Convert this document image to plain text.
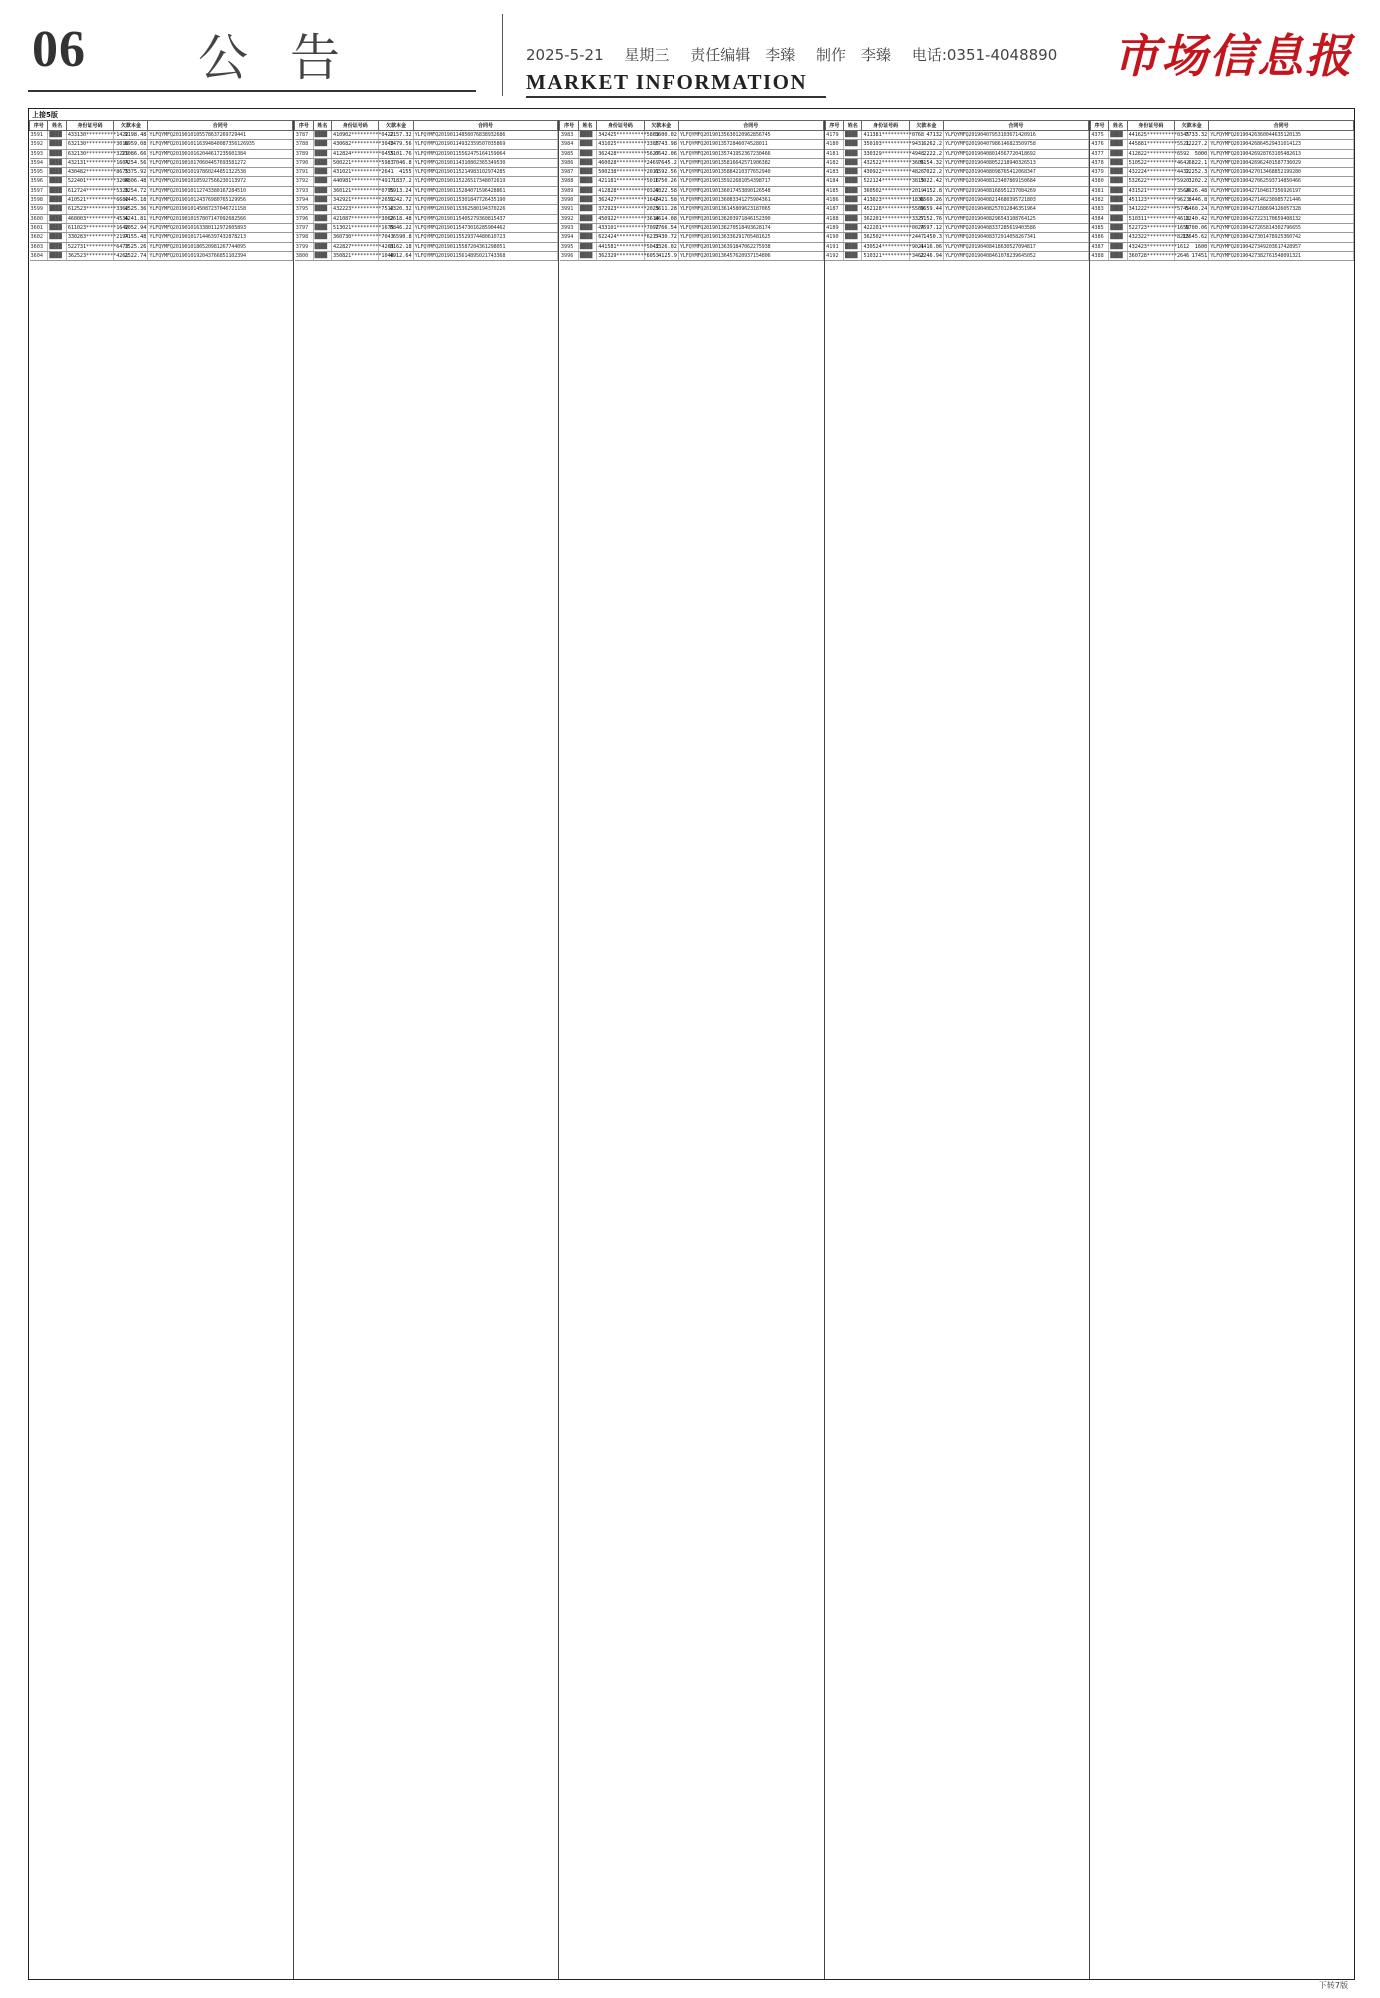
06 公告	2025-5-21 星期三 责任编辑　李臻 制作　李臻 电话:0351-4048890
MARKET INFORMATION	市场信息报
上接5版
序号	姓名	身份证号码	欠款本金	合同号
3591	████	433130**********1422	9198.48	YLFQYMFQ2019010105578637269729441
3592	████	632130**********3018	6959.08	YLFQYMFQ2019010116394840087356126935
3593	████	632130**********3225	11086.66	YLFQYMFQ2019010162044617235601384
3594	████	432131**********1604	7254.56	YLFQYMFQ2019010170604457693581272
3595	████	430482**********8675	3375.92	YLFQYMFQ2019010197860244851322538
3596	████	522401**********3204	8806.48	YLFQYMFQ2019010105927566230113972
3597	████	612724**********5320	3254.72	YLFQYMFQ2019010112743380167284510
3598	████	410521**********6682	4445.18	YLFQYMFQ2019010124376980765129956
3599	████	612523**********3362	4525.36	YLFQYMFQ2019010145087237046721158
3600	████	460003**********4536	4241.81	YLFQYMFQ2019010157807147092682566
3601	████	611023**********1642	9052.94	YLFQYMFQ2019010163380112972605893
3602	████	330283**********2194	7155.48	YLFQYMFQ2019010171446397432878213
3603	████	522731**********6473	7525.26	YLFQYMFQ2019010186520981267744095
3604	████	362523**********4261	2522.74	YLFQYMFQ2019010192043766851102394
序号	姓名	身份证号码	欠款本金	合同号
3787	████	410902**********0422	2157.32	YLFQYMFQ20190114856076838932686
3788	████	430682**********3042	3479.56	YLFQYMFQ20190114932359507035869
3789	████	412824**********0455	3101.76	YLFQYMFQ20190115562475164159064
3790	████	500221**********5983	7046.8	YLFQYMFQ20190114310802365349530
3791	████	431021**********2641	4155	YLFQYMFQ20190115214983102974285
3792	████	440981**********4917	1837.2	YLFQYMFQ20190115226517348072619
3793	████	360121**********0795	5913.24	YLFQYMFQ20190115284071596428861
3794	████	342921**********2651	9242.72	YLFQYMFQ20190115301847726435190
3795	████	432223**********7512	4320.32	YLFQYMFQ20190115362580194370226
3796	████	421087**********3062	2618.48	YLFQYMFQ20190115405279360815437
3797	████	513021**********1675	8846.22	YLFQYMFQ20190115473016285904462
3798	████	360730**********7043	6590.8	YLFQYMFQ20190115529374480610723
3799	████	422827**********4263	8162.18	YLFQYMFQ20190115587204361298051
3800	████	350821**********1048	4912.64	YLFQYMFQ20190115614895021743368
序号	姓名	身份证号码	欠款本金	合同号
3983	████	342425**********5863	5600.02	YLFQYMFQ20190135630120962856745
3984	████	431025**********3305	2743.98	YLFQYMFQ2019013572846074528011
3985	████	362428**********5627	6642.06	YLFQYMFQ20190135741952367230466
3986	████	460028**********2469	7645.2	YLFQYMFQ20190135816642571906382
3987	████	500238**********2011	6592.56	YLFQYMFQ20190135884210377652940
3988	████	421181**********5016	1750.26	YLFQYMFQ20190135922681054398717
3989	████	412828**********0329	4322.58	YLFQYMFQ20190136017453890126548
3990	████	362427**********1646	2421.58	YLFQYMFQ20190136083341275904361
3991	████	372923**********2025	3611.28	YLFQYMFQ20190136145809623187065
3992	████	450922**********3614	8614.08	YLFQYMFQ20190136203971846152390
3993	████	433101**********7092	7766.54	YLFQYMFQ20190136270518493628174
3994	████	622424**********6217	5430.72	YLFQYMFQ20190136336291705481625
3995	████	441581**********5042	3326.02	YLFQYMFQ20190136391847062275938
3996	████	362329**********6053	4125.9	YLFQYMFQ20190136457620937154806
序号	姓名	身份证号码	欠款本金	合同号
4179	████	411381**********0768	47132	YLFQYMFQ20190407953103671420916
4180	████	350103**********9431	6262.2	YLFQYMFQ20190407986146823509758
4181	████	330329**********4948	2222.2	YLFQYMFQ20190408014567720418692
4182	████	432522**********3605	9154.32	YLFQYMFQ20190408052218940326513
4183	████	430922**********4826	7022.2	YLFQYMFQ20190408098765412068347
4184	████	522124**********3815	3022.42	YLFQYMFQ20190408123407869150684
4185	████	360502**********2019	4152.8	YLFQYMFQ20190408168951237084269
4186	████	413023**********1836	6560.26	YLFQYMFQ20190408214680395721803
4187	████	452128**********5569	9659.44	YLFQYMFQ20190408257012846351964
4188	████	362201**********3327	5152.76	YLFQYMFQ20190408296543108764125
4189	████	422201**********0024	7597.12	YLFQYMFQ20190408337285619403586
4190	████	362502**********2447	1450.3	YLFQYMFQ20190408372914058267341
4191	████	430524**********9021	4416.06	YLFQYMFQ20190408418630527094817
4192	████	510321**********3462	2246.94	YLFQYMFQ20190408461078239645052
序号	姓名	身份证号码	欠款本金	合同号
4375	████	441625**********0345	7733.32	YLFQYMFQ20190426360044635120135
4376	████	445881**********5521	12227.2	YLFQYMFQ20190426864529431014123
4377	████	412822**********6592	5000	YLFQYMFQ20190426928763105482613
4378	████	510522**********4642	6822.1	YLFQYMFQ20190426962401587736029
4379	████	432224**********4432	12252.3	YLFQYMFQ20190427013468852199280
4380	████	532622**********5920	3202.2	YLFQYMFQ20190427062593714850466
4381	████	431521**********3564	2626.48	YLFQYMFQ20190427104817356926197
4382	████	451123**********9623	8446.8	YLFQYMFQ20190427146230985721446
4383	████	341222**********5745	5460.24	YLFQYMFQ20190427188694126057328
4384	████	510311**********4618	1240.42	YLFQYMFQ20190427223170659408132
4385	████	522723**********1658	5700.06	YLFQYMFQ20190427265814302796655
4386	████	432322**********8215	12645.62	YLFQYMFQ20190427301478925360742
4387	████	432423**********1612	1600	YLFQYMFQ20190427349203617428957
4388	████	360728**********2646	17451	YLFQYMFQ20190427382761548091321
下转7版
